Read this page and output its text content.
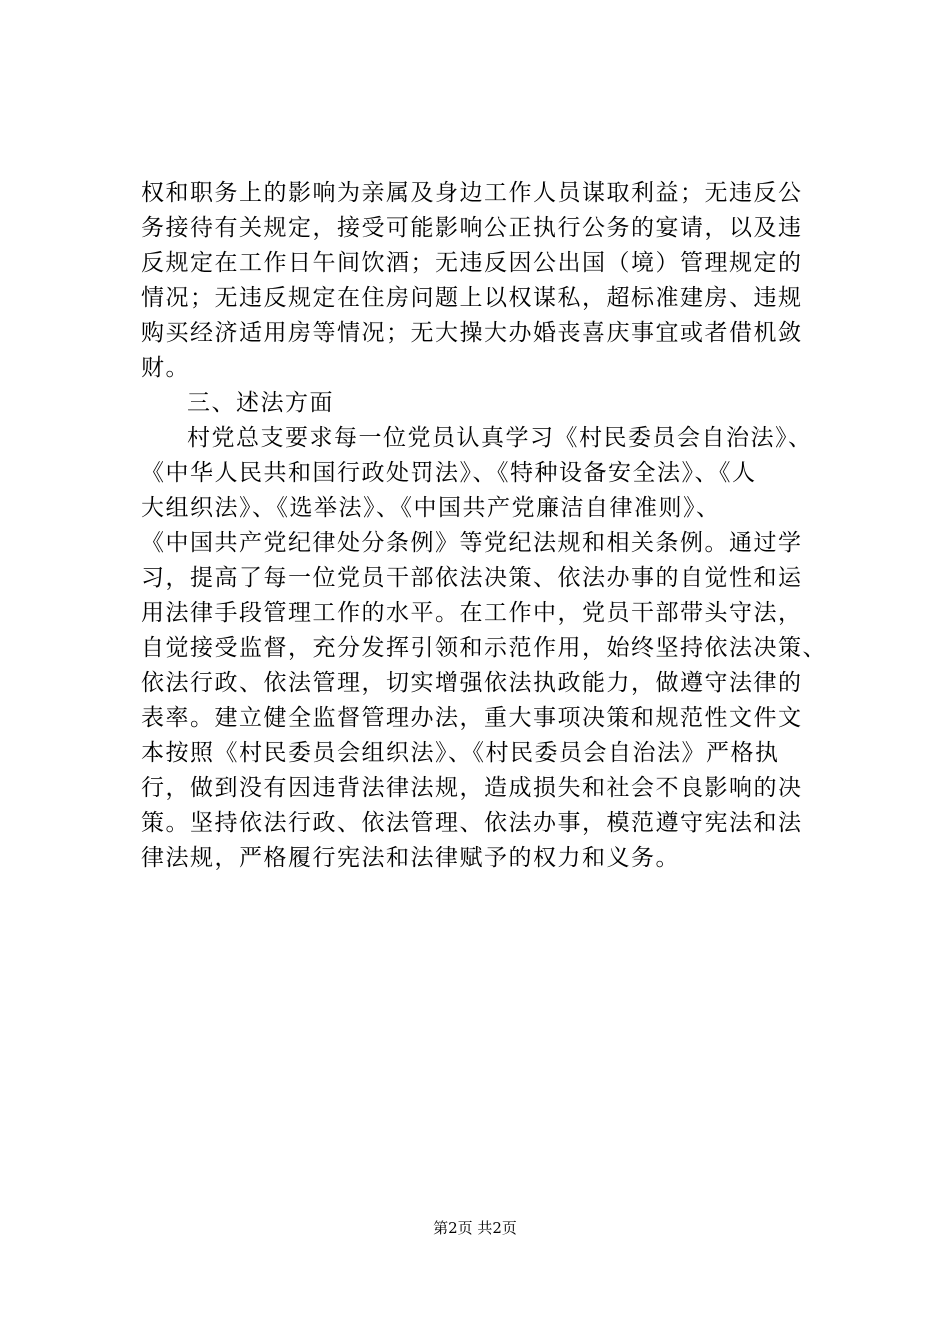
权和职务上的影响为亲属及身边工作人员谋取利益；无违反公
务接待有关规定，接受可能影响公正执行公务的宴请，以及违
反规定在工作日午间饮酒；无违反因公出国（境）管理规定的
情况；无违反规定在住房问题上以权谋私，超标准建房、违规
购买经济适用房等情况；无大操大办婚丧喜庆事宜或者借机敛
财。
三、述法方面
村党总支要求每一位党员认真学习《村民委员会自治法》、
《中华人民共和国行政处罚法》、《特种设备安全法》、《人
大组织法》、《选举法》、《中国共产党廉洁自律准则》、
《中国共产党纪律处分条例》等党纪法规和相关条例。通过学
习，提高了每一位党员干部依法决策、依法办事的自觉性和运
用法律手段管理工作的水平。在工作中，党员干部带头守法，
自觉接受监督，充分发挥引领和示范作用，始终坚持依法决策、
依法行政、依法管理，切实增强依法执政能力，做遵守法律的
表率。建立健全监督管理办法，重大事项决策和规范性文件文
本按照《村民委员会组织法》、《村民委员会自治法》严格执
行，做到没有因违背法律法规，造成损失和社会不良影响的决
策。坚持依法行政、依法管理、依法办事，模范遵守宪法和法
律法规，严格履行宪法和法律赋予的权力和义务。
第2页 共2页
